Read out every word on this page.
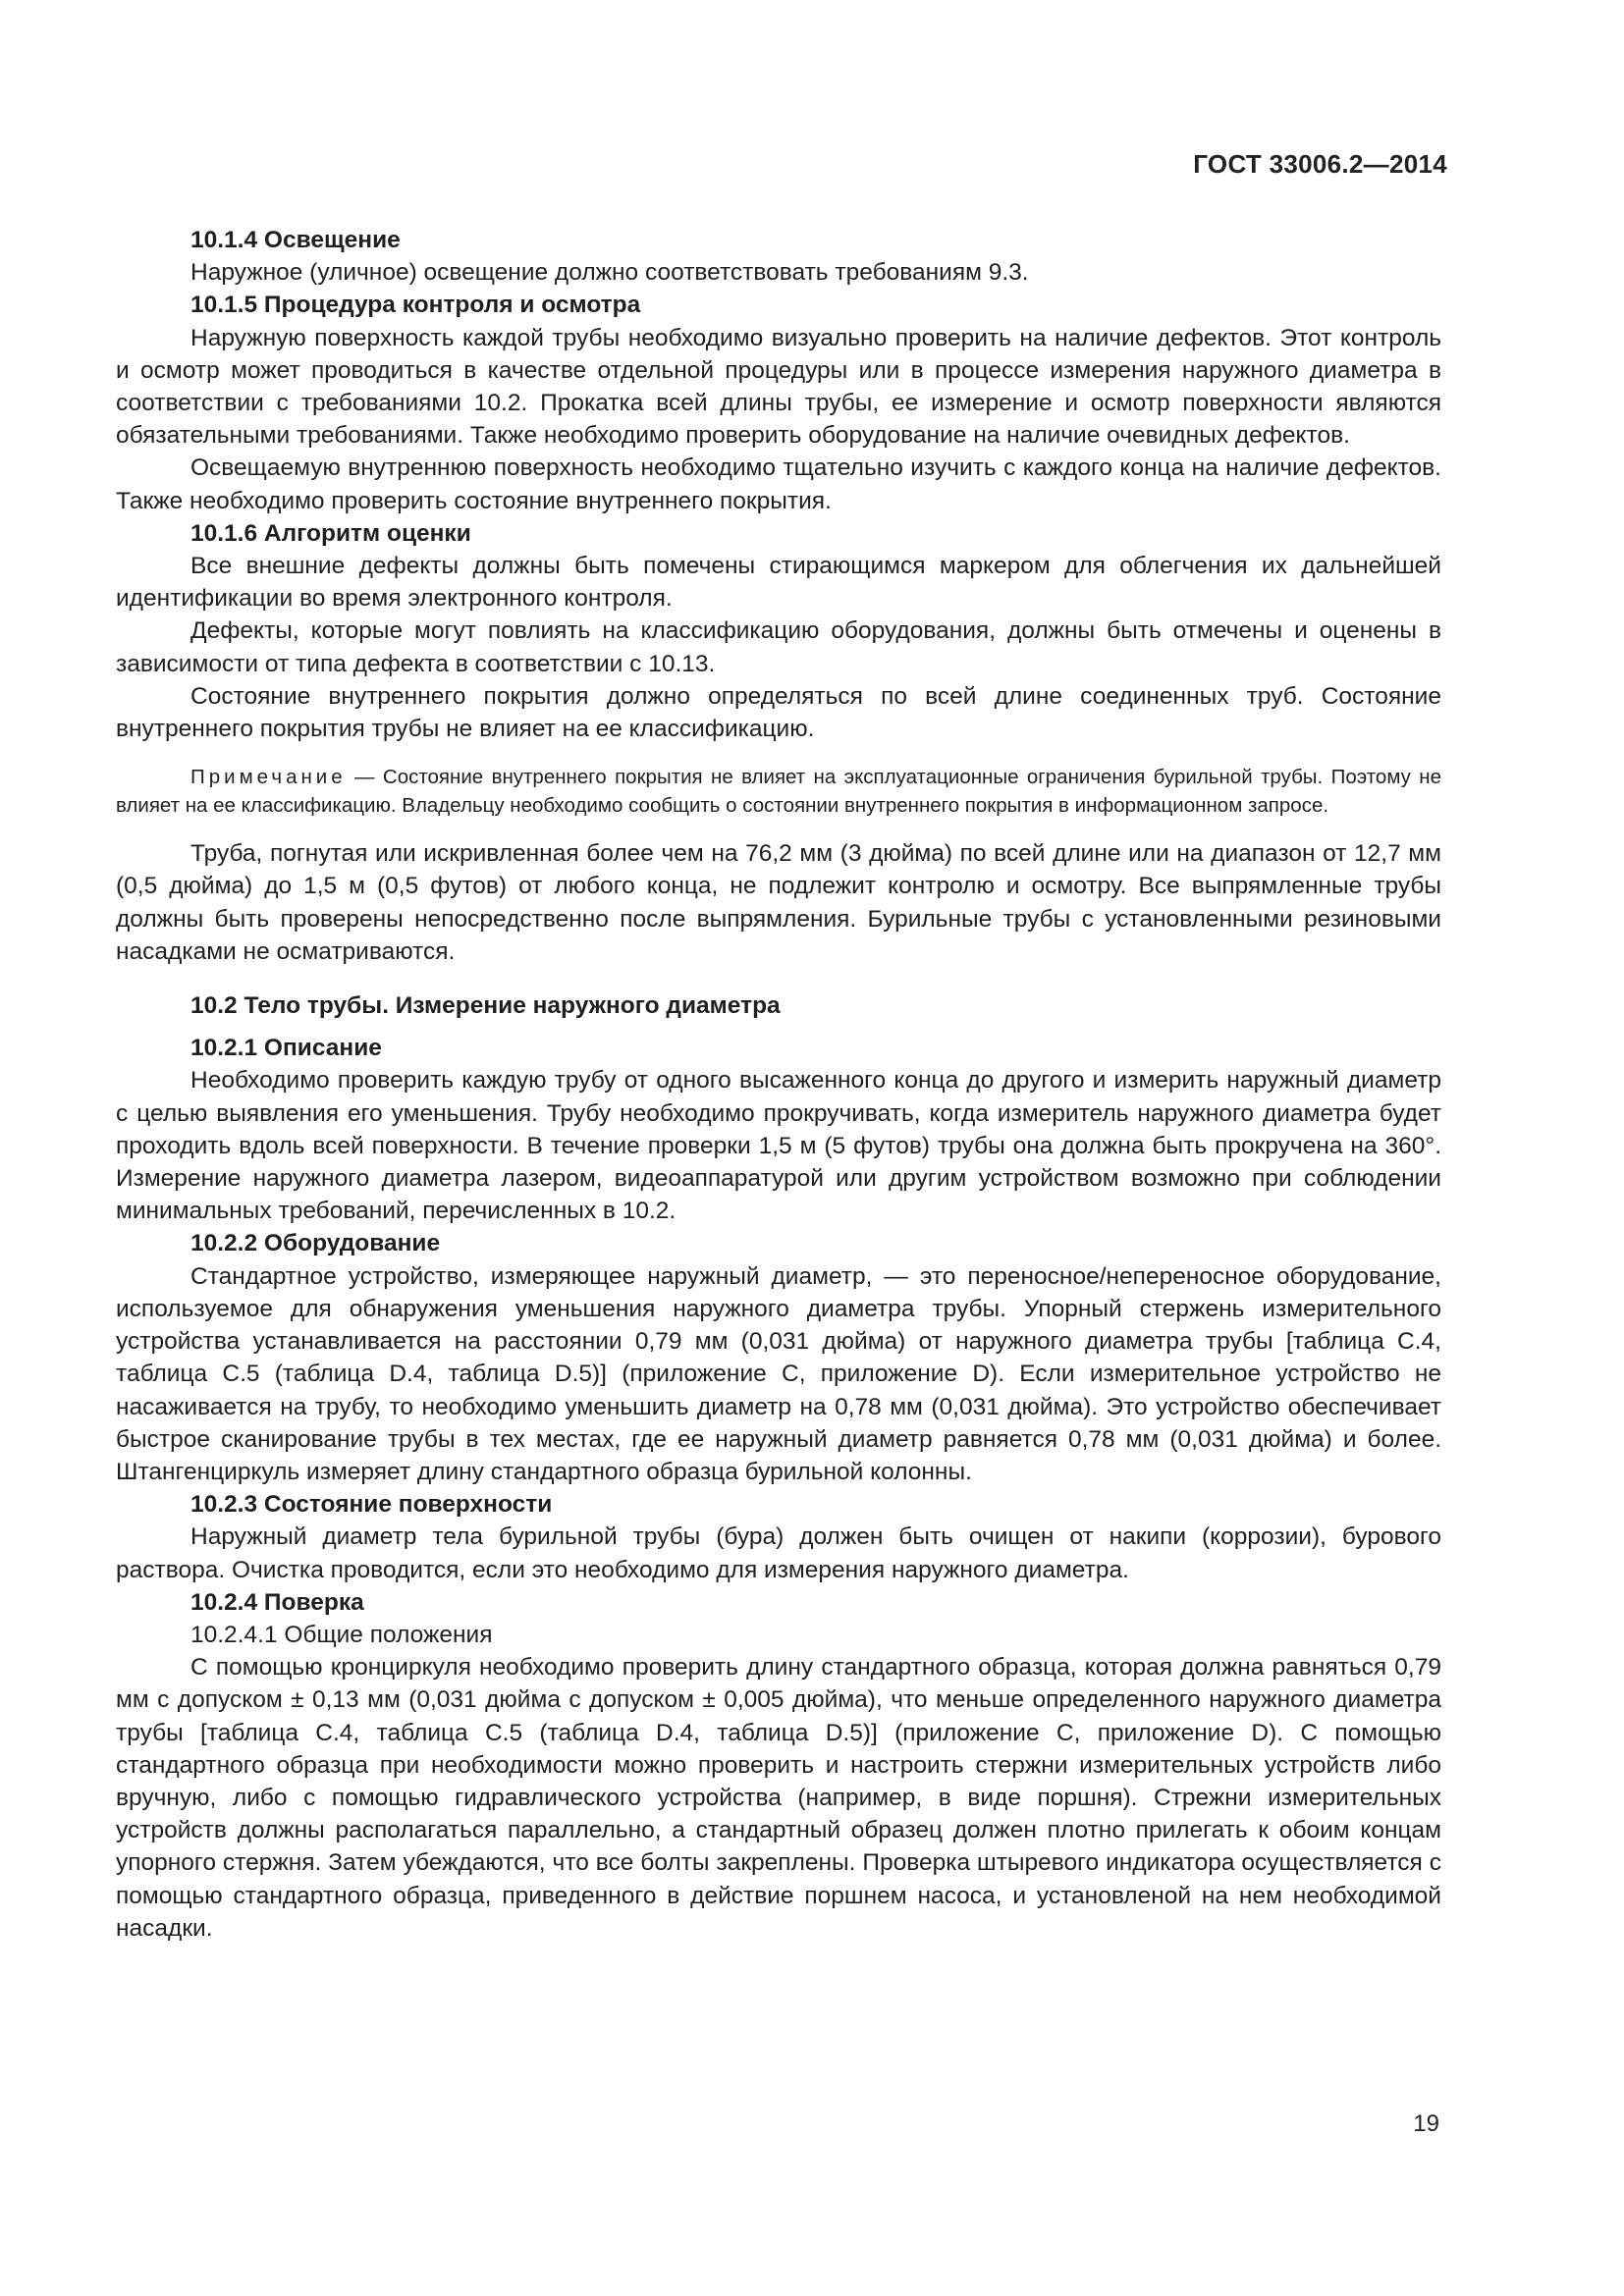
ГОСТ 33006.2—2014

10.1.4 Освещение

Наружное (уличное) освещение должно соответствовать требованиям 9.3.

10.1.5 Процедура контроля и осмотра

Наружную поверхность каждой трубы необходимо визуально проверить на наличие дефектов. Этот контроль и осмотр может проводиться в качестве отдельной процедуры или в процессе измерения наружного диаметра в соответствии с требованиями 10.2. Прокатка всей длины трубы, ее измерение и осмотр поверхности являются обязательными требованиями. Также необходимо проверить оборудование на наличие очевидных дефектов.

Освещаемую внутреннюю поверхность необходимо тщательно изучить с каждого конца на наличие дефектов. Также необходимо проверить состояние внутреннего покрытия.

10.1.6 Алгоритм оценки

Все внешние дефекты должны быть помечены стирающимся маркером для облегчения их дальнейшей идентификации во время электронного контроля.

Дефекты, которые могут повлиять на классификацию оборудования, должны быть отмечены и оценены в зависимости от типа дефекта в соответствии с 10.13.

Состояние внутреннего покрытия должно определяться по всей длине соединенных труб. Состояние внутреннего покрытия трубы не влияет на ее классификацию.

Примечание — Состояние внутреннего покрытия не влияет на эксплуатационные ограничения бурильной трубы. Поэтому не влияет на ее классификацию. Владельцу необходимо сообщить о состоянии внутреннего покрытия в информационном запросе.

Труба, погнутая или искривленная более чем на 76,2 мм (3 дюйма) по всей длине или на диапазон от 12,7 мм (0,5 дюйма) до 1,5 м (0,5 футов) от любого конца, не подлежит контролю и осмотру. Все выпрямленные трубы должны быть проверены непосредственно после выпрямления. Бурильные трубы с установленными резиновыми насадками не осматриваются.

10.2 Тело трубы. Измерение наружного диаметра

10.2.1 Описание

Необходимо проверить каждую трубу от одного высаженного конца до другого и измерить наружный диаметр с целью выявления его уменьшения. Трубу необходимо прокручивать, когда измеритель наружного диаметра будет проходить вдоль всей поверхности. В течение проверки 1,5 м (5 футов) трубы она должна быть прокручена на 360°. Измерение наружного диаметра лазером, видеоаппаратурой или другим устройством возможно при соблюдении минимальных требований, перечисленных в 10.2.

10.2.2 Оборудование

Стандартное устройство, измеряющее наружный диаметр, — это переносное/непереносное оборудование, используемое для обнаружения уменьшения наружного диаметра трубы. Упорный стержень измерительного устройства устанавливается на расстоянии 0,79 мм (0,031 дюйма) от наружного диаметра трубы [таблица С.4, таблица С.5 (таблица D.4, таблица D.5)] (приложение С, приложение D). Если измерительное устройство не насаживается на трубу, то необходимо уменьшить диаметр на 0,78 мм (0,031 дюйма). Это устройство обеспечивает быстрое сканирование трубы в тех местах, где ее наружный диаметр равняется 0,78 мм (0,031 дюйма) и более. Штангенциркуль измеряет длину стандартного образца бурильной колонны.

10.2.3 Состояние поверхности

Наружный диаметр тела бурильной трубы (бура) должен быть очищен от накипи (коррозии), бурового раствора. Очистка проводится, если это необходимо для измерения наружного диаметра.

10.2.4 Поверка

10.2.4.1 Общие положения

С помощью кронциркуля необходимо проверить длину стандартного образца, которая должна равняться 0,79 мм с допуском ± 0,13 мм (0,031 дюйма с допуском ± 0,005 дюйма), что меньше определенного наружного диаметра трубы [таблица С.4, таблица С.5 (таблица D.4, таблица D.5)] (приложение С, приложение D). С помощью стандартного образца при необходимости можно проверить и настроить стержни измерительных устройств либо вручную, либо с помощью гидравлического устройства (например, в виде поршня). Стрежни измерительных устройств должны располагаться параллельно, а стандартный образец должен плотно прилегать к обоим концам упорного стержня. Затем убеждаются, что все болты закреплены. Проверка штыревого индикатора осуществляется с помощью стандартного образца, приведенного в действие поршнем насоса, и установленой на нем необходимой насадки.

19
